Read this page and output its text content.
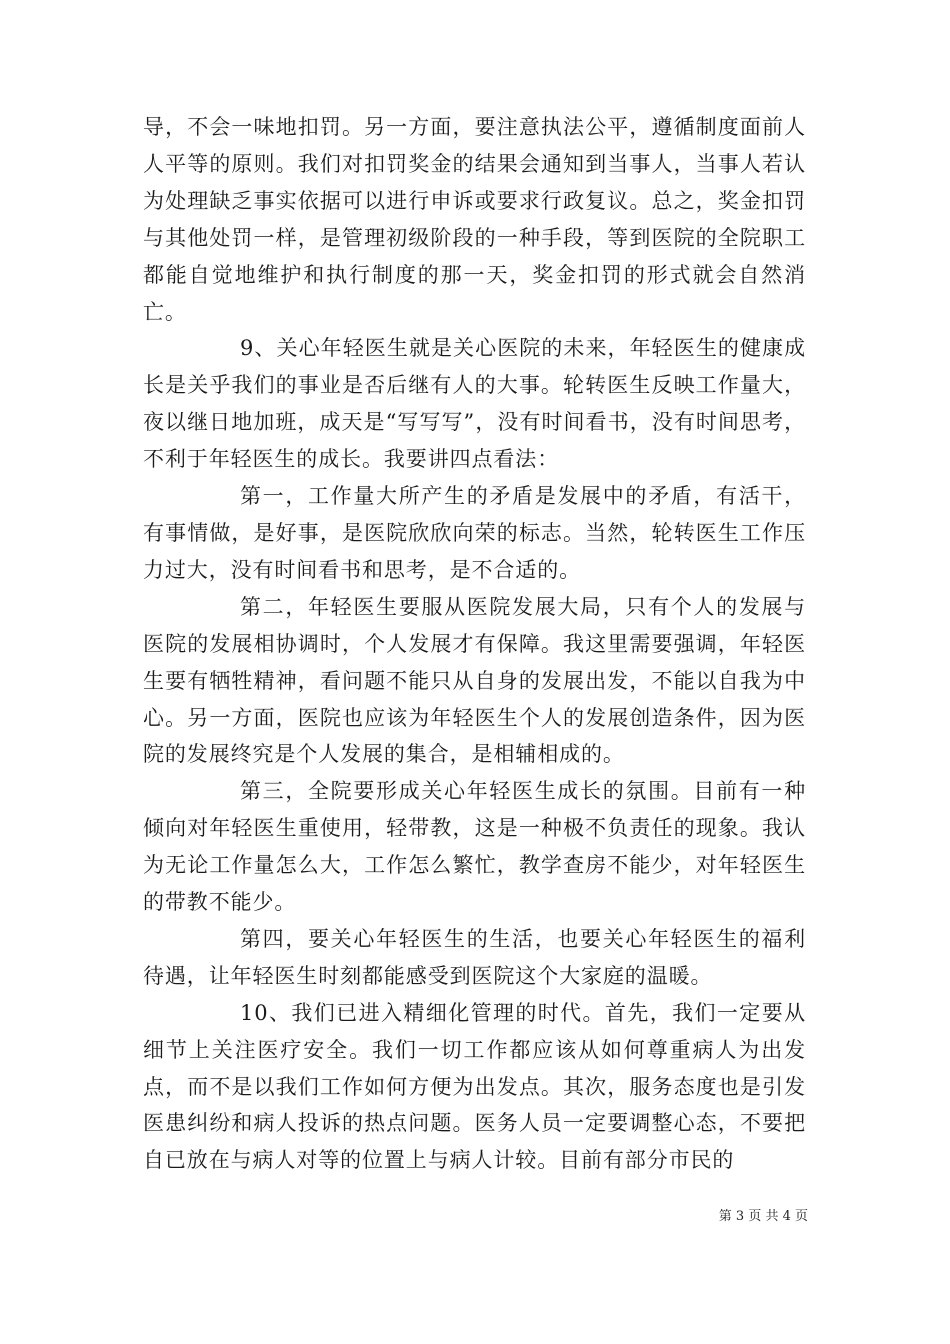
导，不会一味地扣罚。另一方面，要注意执法公平，遵循制度面前人人平等的原则。我们对扣罚奖金的结果会通知到当事人，当事人若认为处理缺乏事实依据可以进行申诉或要求行政复议。总之，奖金扣罚与其他处罚一样，是管理初级阶段的一种手段，等到医院的全院职工都能自觉地维护和执行制度的那一天，奖金扣罚的形式就会自然消亡。

9、关心年轻医生就是关心医院的未来，年轻医生的健康成长是关乎我们的事业是否后继有人的大事。轮转医生反映工作量大，夜以继日地加班，成天是“写写写”，没有时间看书，没有时间思考，不利于年轻医生的成长。我要讲四点看法：

第一，工作量大所产生的矛盾是发展中的矛盾，有活干，有事情做，是好事，是医院欣欣向荣的标志。当然，轮转医生工作压力过大，没有时间看书和思考，是不合适的。

第二，年轻医生要服从医院发展大局，只有个人的发展与医院的发展相协调时，个人发展才有保障。我这里需要强调，年轻医生要有牺牲精神，看问题不能只从自身的发展出发，不能以自我为中心。另一方面，医院也应该为年轻医生个人的发展创造条件，因为医院的发展终究是个人发展的集合，是相辅相成的。

第三，全院要形成关心年轻医生成长的氛围。目前有一种倾向对年轻医生重使用，轻带教，这是一种极不负责任的现象。我认为无论工作量怎么大，工作怎么繁忙，教学查房不能少，对年轻医生的带教不能少。

第四，要关心年轻医生的生活，也要关心年轻医生的福利待遇，让年轻医生时刻都能感受到医院这个大家庭的温暖。

10、我们已进入精细化管理的时代。首先，我们一定要从细节上关注医疗安全。我们一切工作都应该从如何尊重病人为出发点，而不是以我们工作如何方便为出发点。其次，服务态度也是引发医患纠纷和病人投诉的热点问题。医务人员一定要调整心态，不要把自已放在与病人对等的位置上与病人计较。目前有部分市民的

第 3 页 共 4 页
